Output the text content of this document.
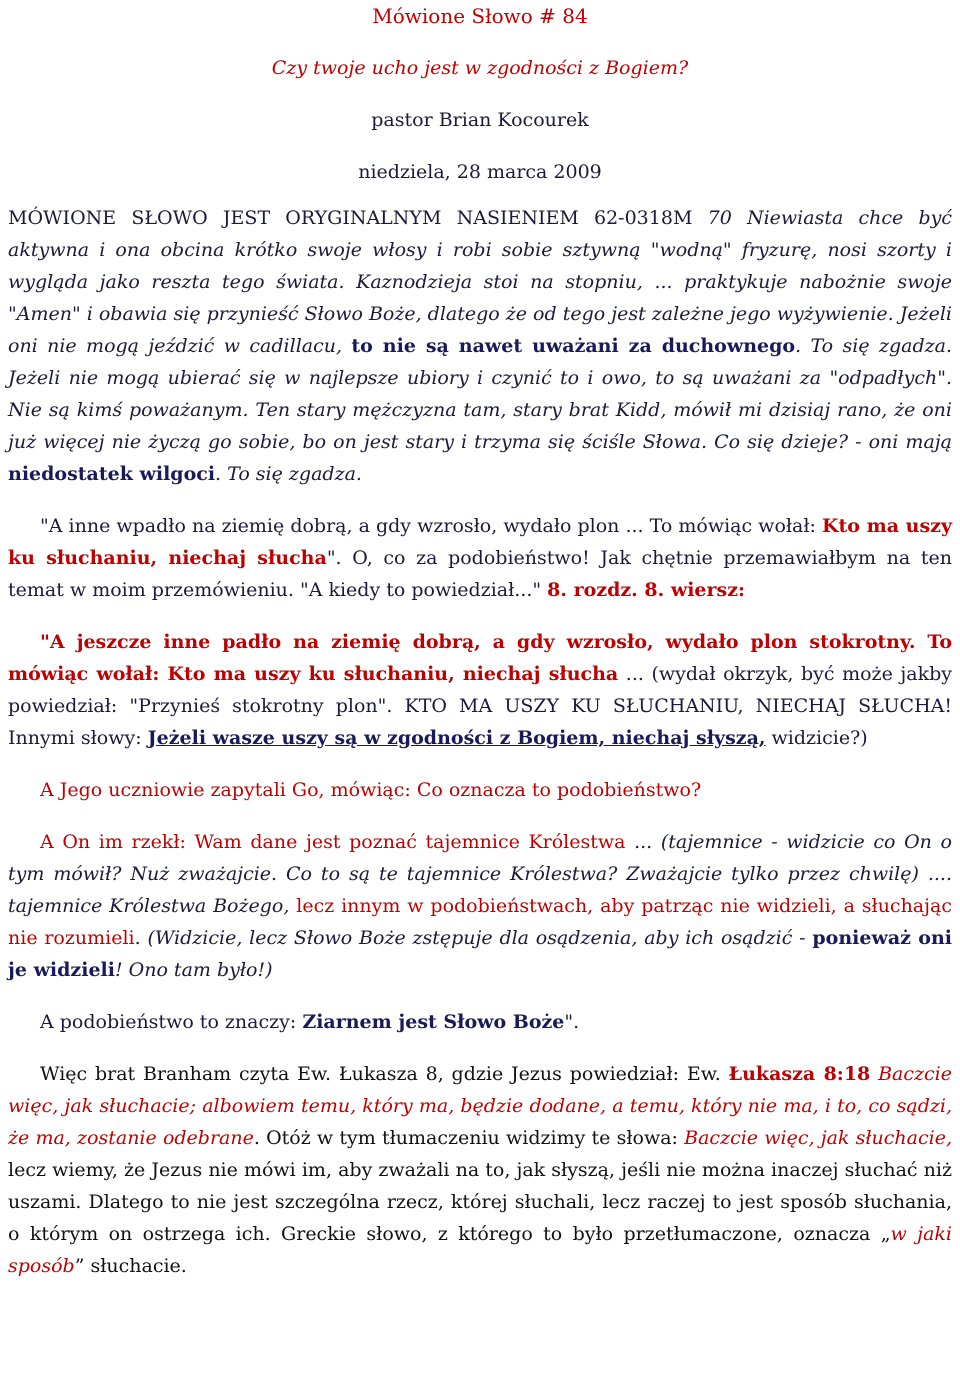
Mówione Słowo # 84

Czy twoje ucho jest w zgodności z Bogiem?

pastor Brian Kocourek

niedziela, 28 marca 2009

MÓWIONE SŁOWO JEST ORYGINALNYM NASIENIEM 62-0318M 70 Niewiasta chce być aktywna i ona obcina krótko swoje włosy i robi sobie sztywną "wodną" fryzurę, nosi szorty i wygląda jako reszta tego świata. Kaznodzieja stoi na stopniu, ... praktykuje nabożnie swoje "Amen" i obawia się przynieść Słowo Boże, dlatego że od tego jest zależne jego wyżywienie. Jeżeli oni nie mogą jeździć w cadillacu, to nie są nawet uważani za duchownego. To się zgadza. Jeżeli nie mogą ubierać się w najlepsze ubiory i czynić to i owo, to są uważani za "odpadłych". Nie są kimś poważanym. Ten stary mężczyzna tam, stary brat Kidd, mówił mi dzisiaj rano, że oni już więcej nie życzą go sobie, bo on jest stary i trzyma się ściśle Słowa. Co się dzieje? - oni mają niedostatek wilgoci. To się zgadza.

"A inne wpadło na ziemię dobrą, a gdy wzrosło, wydało plon ... To mówiąc wołał: Kto ma uszy ku słuchaniu, niechaj słucha". O, co za podobieństwo! Jak chętnie przemawiałbym na ten temat w moim przemówieniu. "A kiedy to powiedział..." 8. rozdz. 8. wiersz:

"A jeszcze inne padło na ziemię dobrą, a gdy wzrosło, wydało plon stokrotny. To mówiąc wołał: Kto ma uszy ku słuchaniu, niechaj słucha ... (wydał okrzyk, być może jakby powiedział: "Przynieś stokrotny plon". KTO MA USZY KU SŁUCHANIU, NIECHAJ SŁUCHA! Innymi słowy: Jeżeli wasze uszy są w zgodności z Bogiem, niechaj słyszą, widzicie?)

A Jego uczniowie zapytali Go, mówiąc: Co oznacza to podobieństwo?

A On im rzekł: Wam dane jest poznać tajemnice Królestwa ... (tajemnice - widzicie co On o tym mówił? Nuż zważajcie. Co to są te tajemnice Królestwa? Zważajcie tylko przez chwilę) .... tajemnice Królestwa Bożego, lecz innym w podobieństwach, aby patrząc nie widzieli, a słuchając nie rozumieli. (Widzicie, lecz Słowo Boże zstępuje dla osądzenia, aby ich osądzić - ponieważ oni je widzieli! Ono tam było!)

A podobieństwo to znaczy: Ziarnem jest Słowo Boże".

Więc brat Branham czyta Ew. Łukasza 8, gdzie Jezus powiedział: Ew. Łukasza 8:18 Baczcie więc, jak słuchacie; albowiem temu, który ma, będzie dodane, a temu, który nie ma, i to, co sądzi, że ma, zostanie odebrane. Otóż w tym tłumaczeniu widzimy te słowa: Baczcie więc, jak słuchacie, lecz wiemy, że Jezus nie mówi im, aby zważali na to, jak słyszą, jeśli nie można inaczej słuchać niż uszami. Dlatego to nie jest szczególna rzecz, której słuchali, lecz raczej to jest sposób słuchania, o którym on ostrzega ich. Greckie słowo, z którego to było przetłumaczone, oznacza „w jaki sposób” słuchacie.
